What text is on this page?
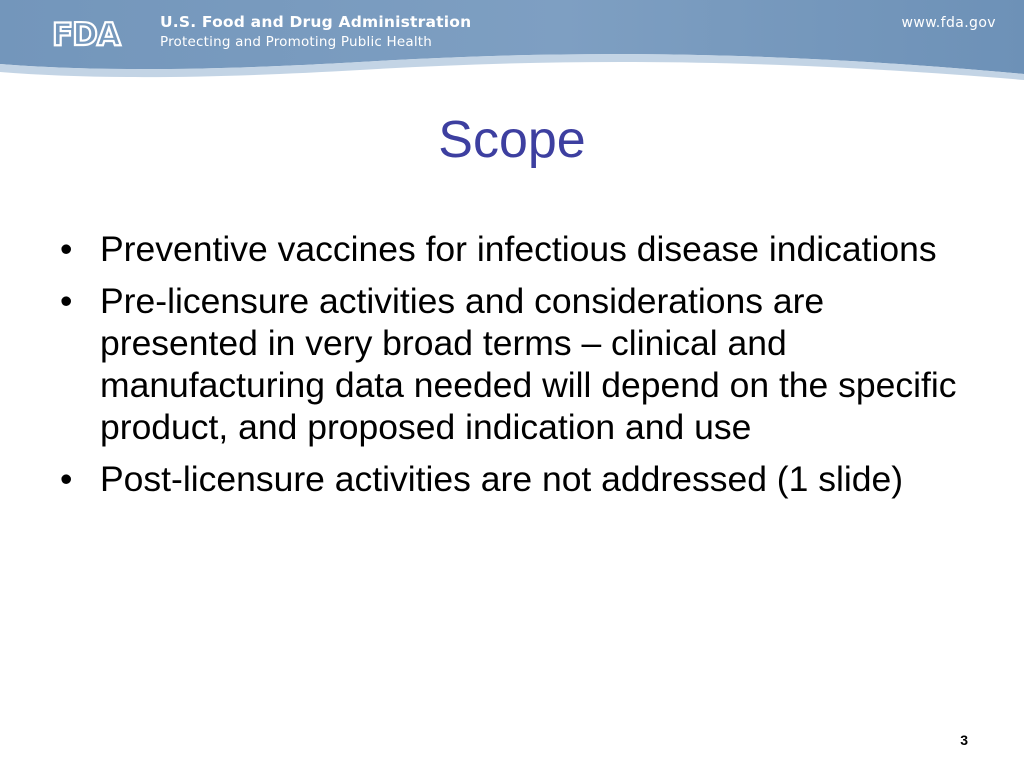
FDA	U.S. Food and Drug Administration
Protecting and Promoting Public Health
www.fda.gov
Scope
• Preventive vaccines for infectious disease indications
• Pre-licensure activities and considerations are presented in very broad terms – clinical and manufacturing data needed will depend on the specific product, and proposed indication and use
• Post-licensure activities are not addressed (1 slide)
3
